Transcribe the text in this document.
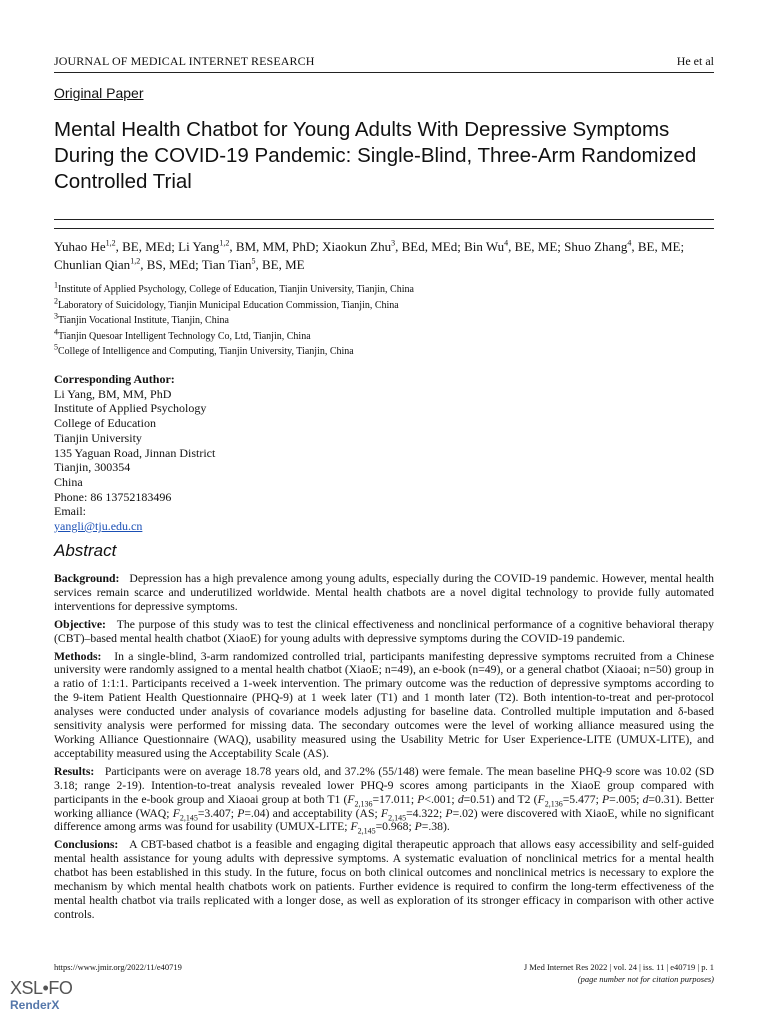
JOURNAL OF MEDICAL INTERNET RESEARCH	He et al
Original Paper
Mental Health Chatbot for Young Adults With Depressive Symptoms During the COVID-19 Pandemic: Single-Blind, Three-Arm Randomized Controlled Trial
Yuhao He$^{1,2}$, BE, MEd; Li Yang$^{1,2}$, BM, MM, PhD; Xiaokun Zhu$^3$, BEd, MEd; Bin Wu$^4$, BE, ME; Shuo Zhang$^4$, BE, ME; Chunlian Qian$^{1,2}$, BS, MEd; Tian Tian$^5$, BE, ME
$^1$Institute of Applied Psychology, College of Education, Tianjin University, Tianjin, China
$^2$Laboratory of Suicidology, Tianjin Municipal Education Commission, Tianjin, China
$^3$Tianjin Vocational Institute, Tianjin, China
$^4$Tianjin Quesoar Intelligent Technology Co, Ltd, Tianjin, China
$^5$College of Intelligence and Computing, Tianjin University, Tianjin, China
Corresponding Author:
Li Yang, BM, MM, PhD
Institute of Applied Psychology
College of Education
Tianjin University
135 Yaguan Road, Jinnan District
Tianjin, 300354
China
Phone: 86 13752183496
Email:
yangli@tju.edu.cn
Abstract

Background: Depression has a high prevalence among young adults, especially during the COVID-19 pandemic. However, mental health services remain scarce and underutilized worldwide. Mental health chatbots are a novel digital technology to provide fully automated interventions for depressive symptoms.

Objective: The purpose of this study was to test the clinical effectiveness and nonclinical performance of a cognitive behavioral therapy (CBT)–based mental health chatbot (XiaoE) for young adults with depressive symptoms during the COVID-19 pandemic.

Methods: In a single-blind, 3-arm randomized controlled trial, participants manifesting depressive symptoms recruited from a Chinese university were randomly assigned to a mental health chatbot (XiaoE; n=49), an e-book (n=49), or a general chatbot (Xiaoai; n=50) group in a ratio of 1:1:1. Participants received a 1-week intervention. The primary outcome was the reduction of depressive symptoms according to the 9-item Patient Health Questionnaire (PHQ-9) at 1 week later (T1) and 1 month later (T2). Both intention-to-treat and per-protocol analyses were conducted under analysis of covariance models adjusting for baseline data. Controlled multiple imputation and δ-based sensitivity analysis were performed for missing data. The secondary outcomes were the level of working alliance measured using the Working Alliance Questionnaire (WAQ), usability measured using the Usability Metric for User Experience-LITE (UMUX-LITE), and acceptability measured using the Acceptability Scale (AS).

Results: Participants were on average 18.78 years old, and 37.2% (55/148) were female. The mean baseline PHQ-9 score was 10.02 (SD 3.18; range 2-19). Intention-to-treat analysis revealed lower PHQ-9 scores among participants in the XiaoE group compared with participants in the e-book group and Xiaoai group at both T1 ($F_{2,136}=17.011$; P<.001; d=0.51) and T2 ($F_{2,136}=5.477$; P=.005; d=0.31). Better working alliance (WAQ; $F_{2,145}=3.407$; P=.04) and acceptability (AS; $F_{2,145}=4.322$; P=.02) were discovered with XiaoE, while no significant difference among arms was found for usability (UMUX-LITE; $F_{2,145}=0.968$; P=.38).

Conclusions: A CBT-based chatbot is a feasible and engaging digital therapeutic approach that allows easy accessibility and self-guided mental health assistance for young adults with depressive symptoms. A systematic evaluation of nonclinical metrics for a mental health chatbot has been established in this study. In the future, focus on both clinical outcomes and nonclinical metrics is necessary to explore the mechanism by which mental health chatbots work on patients. Further evidence is required to confirm the long-term effectiveness of the mental health chatbot via trails replicated with a longer dose, as well as exploration of its stronger efficacy in comparison with other active controls.

https://www.jmir.org/2022/11/e40719	J Med Internet Res 2022 | vol. 24 | iss. 11 | e40719 | p. 1
(page number not for citation purposes)
XSL•FO
RenderX
